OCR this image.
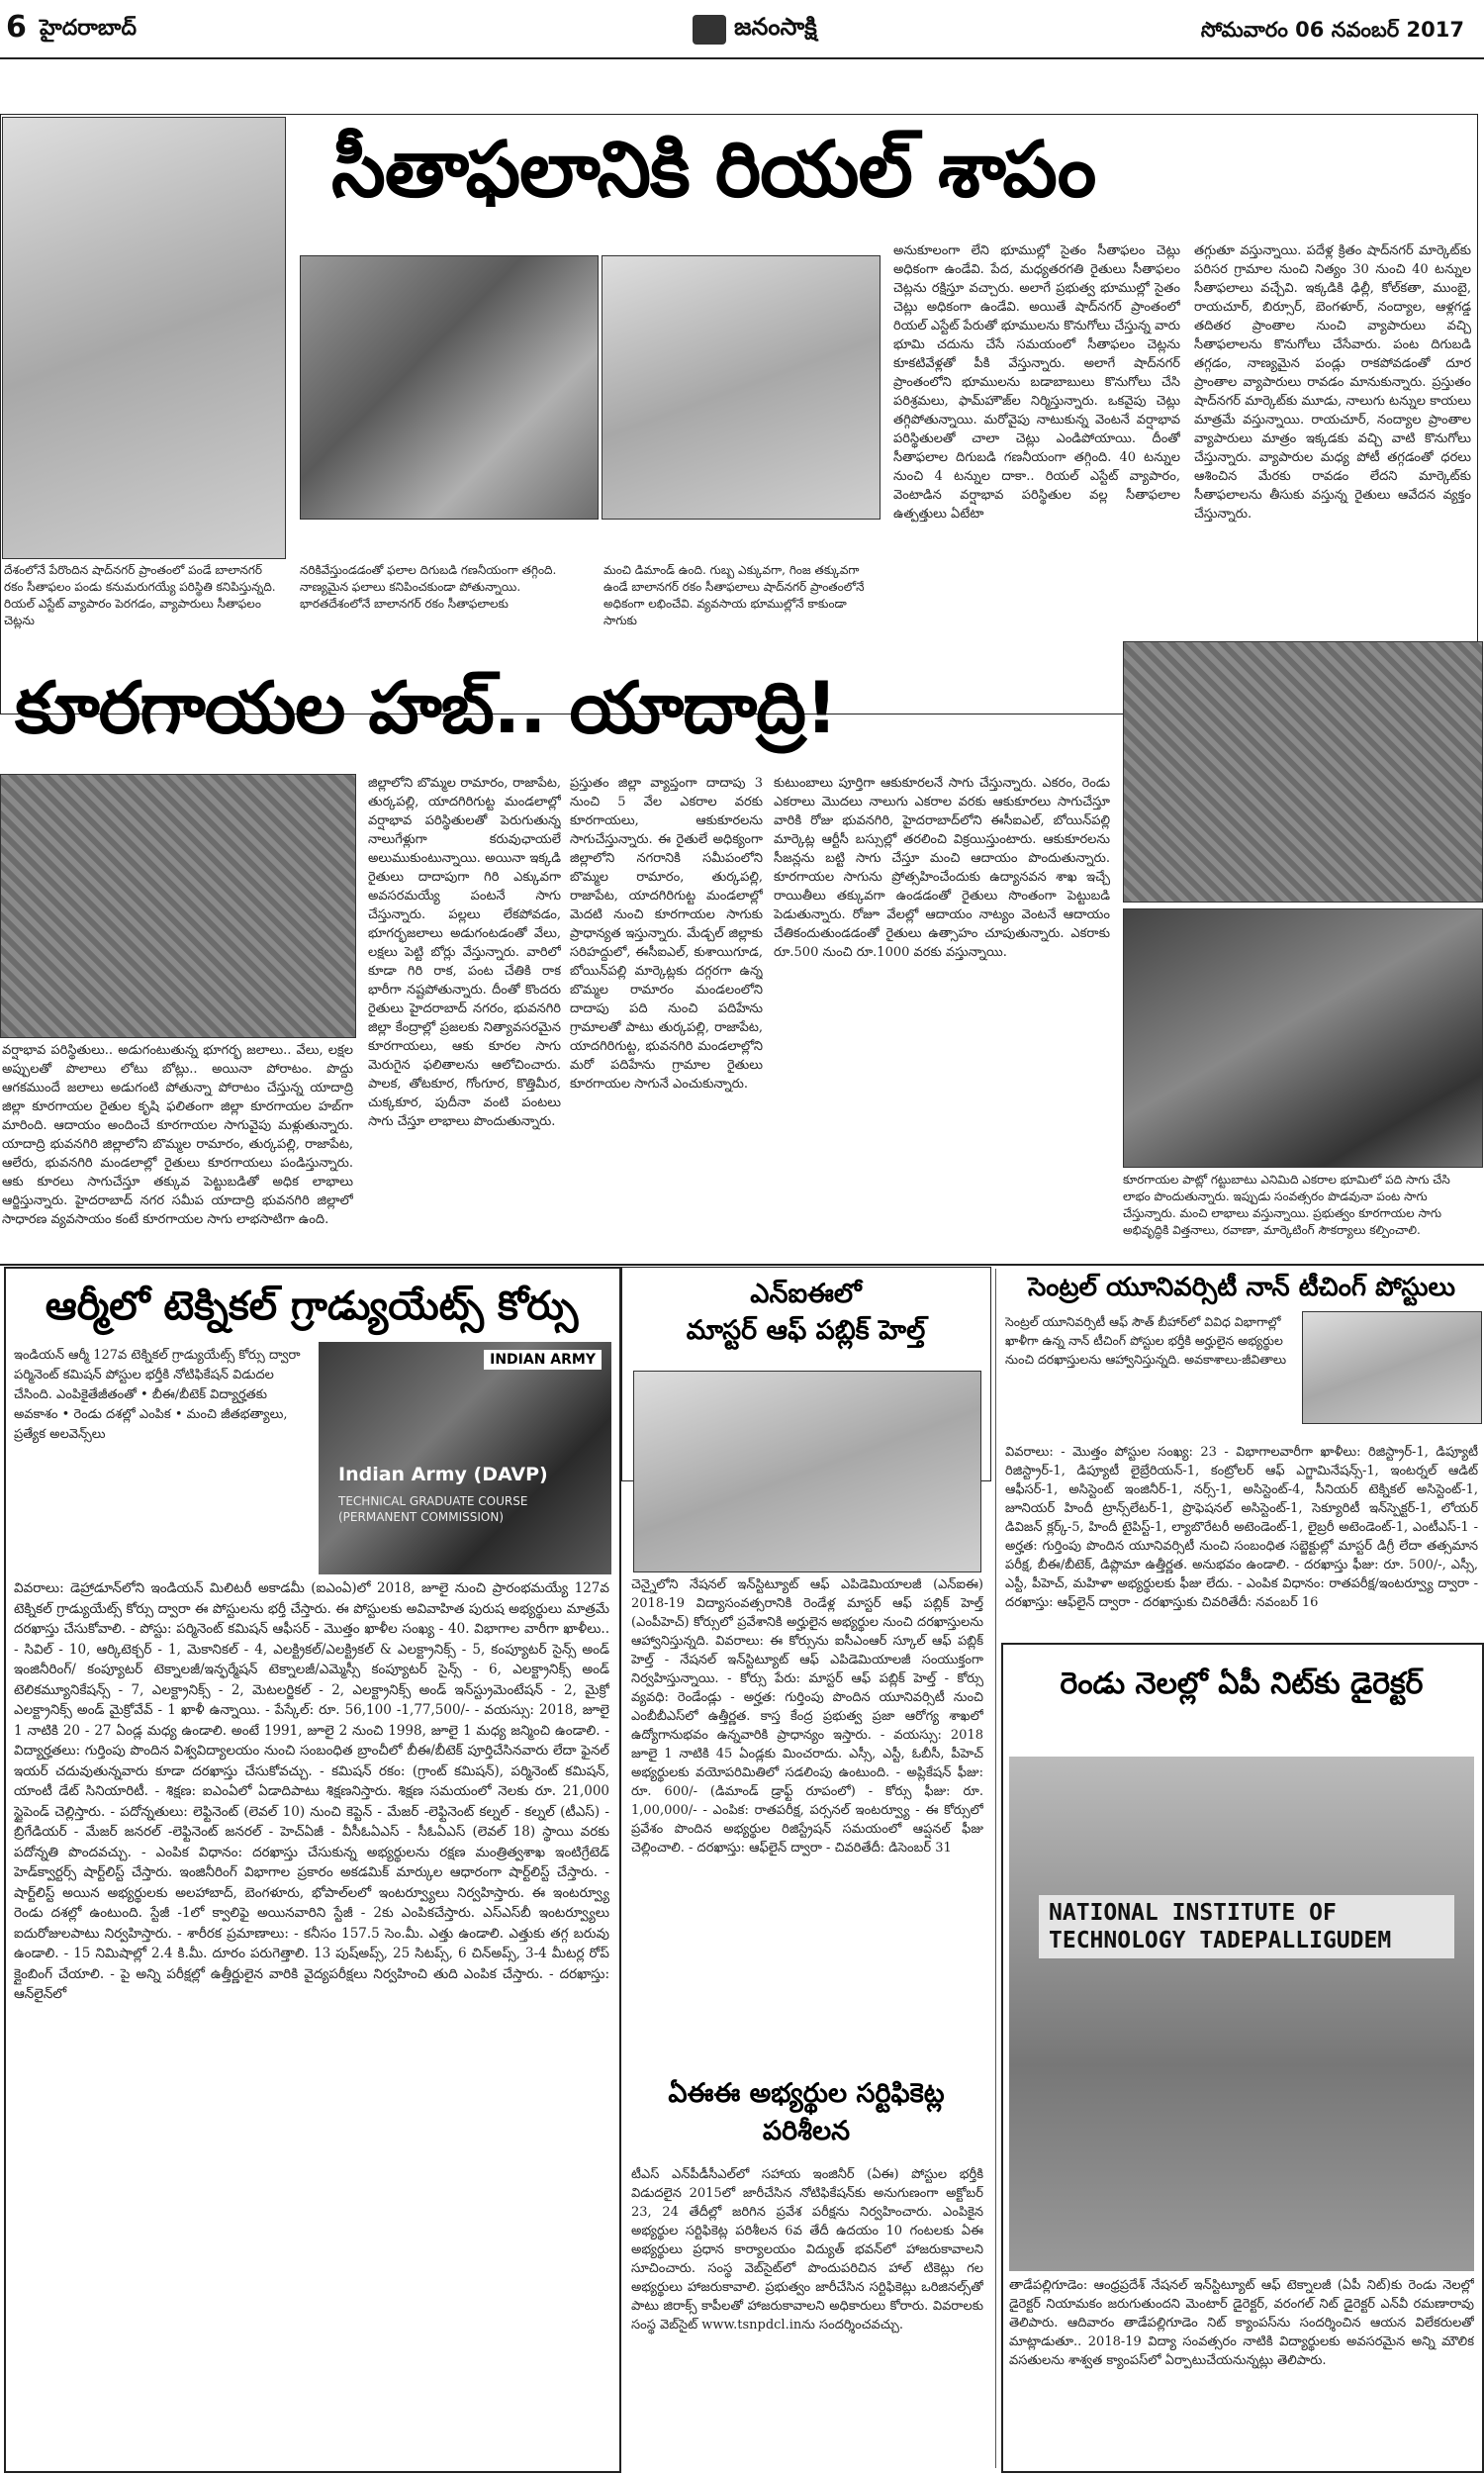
6 హైదరాబాద్	జనంసాక్షి	సోమవారం 06 నవంబర్ 2017
సీతాఫలానికి రియల్ శాపం
దేశంలోనే పేరొందిన షాద్‌నగర్ ప్రాంతంలో పండే బాలానగర్ రకం సీతాఫలం పండు కనుమరుగయ్యే పరిస్థితి కనిపిస్తున్నది. రియల్ ఎస్టేట్ వ్యాపారం పెరగడం, వ్యాపారులు సీతాఫలం చెట్లను
నరికివేస్తుండడంతో ఫలాల దిగుబడి గణనీయంగా తగ్గింది. నాణ్యమైన ఫలాలు కనిపించకుండా పోతున్నాయి. భారతదేశంలోనే బాలానగర్ రకం సీతాఫలాలకు
మంచి డిమాండ్ ఉంది. గుబ్బ ఎక్కువగా, గింజ తక్కువగా ఉండే బాలానగర్ రకం సీతాఫలాలు షాద్‌నగర్ ప్రాంతంలోనే అధికంగా లభించేవి. వ్యవసాయ భూముల్లోనే కాకుండా సాగుకు
అనుకూలంగా లేని భూముల్లో సైతం సీతాఫలం చెట్లు అధికంగా ఉండేవి. పేద, మధ్యతరగతి రైతులు సీతాఫలం చెట్లను రక్షిస్తూ వచ్చారు. అలాగే ప్రభుత్వ భూముల్లో సైతం చెట్లు అధికంగా ఉండేవి. అయితే షాద్‌నగర్ ప్రాంతంలో రియల్ ఎస్టేట్ పేరుతో భూములను కొనుగోలు చేస్తున్న వారు భూమి చదును చేసే సమయంలో సీతాఫలం చెట్లను కూకటివేళ్లతో పీకి వేస్తున్నారు. అలాగే షాద్‌నగర్ ప్రాంతంలోని భూములను బడాబాబులు కొనుగోలు చేసి పరిశ్రమలు, ఫామ్‌హౌజ్‌ల నిర్మిస్తున్నారు. ఒకవైపు చెట్లు తగ్గిపోతున్నాయి. మరోవైపు నాటుకున్న వెంటనే వర్షాభావ పరిస్థితులతో చాలా చెట్లు ఎండిపోయాయి. దీంతో సీతాఫలాల దిగుబడి గణనీయంగా తగ్గింది. 40 టన్నుల నుంచి 4 టన్నుల దాకా.. రియల్ ఎస్టేట్ వ్యాపారం, వెంటాడిన వర్షాభావ పరిస్థితుల వల్ల సీతాఫలాల ఉత్పత్తులు ఏటేటా
తగ్గుతూ వస్తున్నాయి. పదేళ్ల క్రితం షాద్‌నగర్ మార్కెట్‌కు పరిసర గ్రామాల నుంచి నిత్యం 30 నుంచి 40 టన్నుల సీతాఫలాలు వచ్చేవి. ఇక్కడికి ఢిల్లీ, కోల్‌కతా, ముంబై, రాయచూర్, బిర్సూర్, బెంగళూర్, నంద్యాల, ఆళ్లగడ్డ తదితర ప్రాంతాల నుంచి వ్యాపారులు వచ్చి సీతాఫలాలను కొనుగోలు చేసేవారు. పంట దిగుబడి తగ్గడం, నాణ్యమైన పండ్లు రాకపోవడంతో దూర ప్రాంతాల వ్యాపారులు రావడం మానుకున్నారు. ప్రస్తుతం షాద్‌నగర్ మార్కెట్‌కు మూడు, నాలుగు టన్నుల కాయలు మాత్రమే వస్తున్నాయి. రాయచూర్, నంద్యాల ప్రాంతాల వ్యాపారులు మాత్రం ఇక్కడకు వచ్చి వాటి కొనుగోలు చేస్తున్నారు. వ్యాపారుల మధ్య పోటీ తగ్గడంతో ధరలు ఆశించిన మేరకు రావడం లేదని మార్కెట్‌కు సీతాఫలాలను తీసుకు వస్తున్న రైతులు ఆవేదన వ్యక్తం చేస్తున్నారు.
కూరగాయల హబ్.. యాదాద్రి!
వర్షాభావ పరిస్థితులు.. అడుగంటుతున్న భూగర్భ జలాలు.. వేలు, లక్షల అప్పులతో పొలాలు లోటు బోట్లు.. అయినా పోరాటం. పొద్దు ఆగకముందే జలాలు అడుగంటి పోతున్నా పోరాటం చేస్తున్న యాదాద్రి జిల్లా కూరగాయల రైతుల కృషి ఫలితంగా జిల్లా కూరగాయల హబ్‌గా మారింది. ఆదాయం అందించే కూరగాయల సాగువైపు మళ్లుతున్నారు. యాదాద్రి భువనగిరి జిల్లాలోని బొమ్మల రామారం, తుర్కపల్లి, రాజాపేట, ఆలేరు, భువనగిరి మండలాల్లో రైతులు కూరగాయలు పండిస్తున్నారు. ఆకు కూరలు సాగుచేస్తూ తక్కువ పెట్టుబడితో అధిక లాభాలు ఆర్జిస్తున్నారు. హైదరాబాద్ నగర సమీప యాదాద్రి భువనగిరి జిల్లాలో సాధారణ వ్యవసాయం కంటే కూరగాయల సాగు లాభసాటిగా ఉంది.
జిల్లాలోని బొమ్మల రామారం, రాజాపేట, తుర్కపల్లి, యాదగిరిగుట్ట మండలాల్లో వర్షాభావ పరిస్థితులతో పెరుగుతున్న నాలుగేళ్లుగా కరువుఛాయలే అలుముకుంటున్నాయి. అయినా ఇక్కడి రైతులు దాదాపుగా గిరి ఎక్కువగా అవసరమయ్యే పంటనే సాగు చేస్తున్నారు. పల్లలు లేకపోవడం, భూగర్భజలాలు అడుగంటడంతో వేలు, లక్షలు పెట్టి బోర్లు వేస్తున్నారు. వారిలో కూడా గిరి రాక, పంట చేతికి రాక భారీగా నష్టపోతున్నారు. దీంతో కొందరు రైతులు హైదరాబాద్ నగరం, భువనగిరి జిల్లా కేంద్రాల్లో ప్రజలకు నిత్యావసరమైన కూరగాయలు, ఆకు కూరల సాగు మెరుగైన ఫలితాలను ఆలోచించారు. పాలక, తోటకూర, గోంగూర, కొత్తిమీర, చుక్కకూర, పుదీనా వంటి పంటలు సాగు చేస్తూ లాభాలు పొందుతున్నారు.
ప్రస్తుతం జిల్లా వ్యాప్తంగా దాదాపు 3 నుంచి 5 వేల ఎకరాల వరకు కూరగాయలు, ఆకుకూరలను సాగుచేస్తున్నారు. ఈ రైతులే అధిక్యంగా జిల్లాలోని నగరానికి సమీపంలోని బొమ్మల రామారం, తుర్కపల్లి, రాజాపేట, యాదగిరిగుట్ట మండలాల్లో మెదటి నుంచి కూరగాయల సాగుకు ప్రాధాన్యత ఇస్తున్నారు. మేడ్చల్ జిల్లాకు సరిహద్దులో, ఈసీఐఎల్, కుశాయిగూడ, బోయిన్‌పల్లి మార్కెట్లకు దగ్గరగా ఉన్న బొమ్మల రామారం మండలంలోని దాదాపు పది నుంచి పదిహేను గ్రామాలతో పాటు తుర్కపల్లి, రాజాపేట, యాదగిరిగుట్ట, భువనగిరి మండలాల్లోని మరో పదిహేను గ్రామాల రైతులు కూరగాయల సాగునే ఎంచుకున్నారు.
కుటుంబాలు పూర్తిగా ఆకుకూరలనే సాగు చేస్తున్నారు. ఎకరం, రెండు ఎకరాలు మొదలు నాలుగు ఎకరాల వరకు ఆకుకూరలు సాగుచేస్తూ వారికి రోజు భువనగిరి, హైదరాబాద్‌లోని ఈసీఐఎల్, బోయిన్‌పల్లి మార్కెట్ల ఆర్టీసీ బస్సుల్లో తరలించి విక్రయిస్తుంటారు. ఆకుకూరలను సీజన్లను బట్టి సాగు చేస్తూ మంచి ఆదాయం పొందుతున్నారు. కూరగాయల సాగును ప్రోత్సహించేందుకు ఉద్యానవన శాఖ ఇచ్చే రాయితీలు తక్కువగా ఉండడంతో రైతులు సొంతంగా పెట్టుబడి పెడుతున్నారు. రోజూ వేలల్లో ఆదాయం నాట్యం వెంటనే ఆదాయం చేతికందుతుండడంతో రైతులు ఉత్సాహం చూపుతున్నారు. ఎకరాకు రూ.500 నుంచి రూ.1000 వరకు వస్తున్నాయి.
కూరగాయల పాట్లో గట్టుబాటు ఎనిమిది ఎకరాల భూమిలో పది సాగు చేసి లాభం పొందుతున్నారు. ఇప్పుడు సంవత్సరం పొడవునా పంట సాగు చేస్తున్నారు. మంచి లాభాలు వస్తున్నాయి. ప్రభుత్వం కూరగాయల సాగు అభివృద్ధికి విత్తనాలు, రవాణా, మార్కెటింగ్ సౌకర్యాలు కల్పించాలి.
ఆర్మీలో టెక్నికల్ గ్రాడ్యుయేట్స్ కోర్సు
ఇండియన్ ఆర్మీ 127వ టెక్నికల్ గ్రాడ్యుయేట్స్ కోర్సు ద్వారా పర్మినెంట్ కమిషన్ పోస్టుల భర్తీకి నోటిఫికేషన్ విడుదల చేసింది. ఎంపికైతేజీతంతో • బీఈ/బీటెక్ విద్యార్హతకు అవకాశం • రెండు దశల్లో ఎంపిక • మంచి జీతభత్యాలు, ప్రత్యేక అలవెన్స్‌లు
INDIAN ARMY
Indian Army (DAVP)
TECHNICAL GRADUATE COURSE (PERMANENT COMMISSION)
వివరాలు: డెహ్రాడూన్‌లోని ఇండియన్ మిలిటరీ అకాడమీ (ఐఎంఏ)లో 2018, జూలై నుంచి ప్రారంభమయ్యే 127వ టెక్నికల్ గ్రాడ్యుయేట్స్ కోర్సు ద్వారా ఈ పోస్టులను భర్తీ చేస్తారు. ఈ పోస్టులకు అవివాహిత పురుష అభ్యర్థులు మాత్రమే దరఖాస్తు చేసుకోవాలి. - పోస్టు: పర్మినెంట్ కమిషన్ ఆఫీసర్ - మొత్తం ఖాళీల సంఖ్య - 40. విభాగాల వారీగా ఖాళీలు.. - సివిల్ - 10, ఆర్కిటెక్చర్ - 1, మెకానికల్ - 4, ఎలక్ట్రికల్/ఎలక్ట్రికల్ & ఎలక్ట్రానిక్స్ - 5, కంప్యూటర్ సైన్స్ అండ్ ఇంజినీరింగ్/ కంప్యూటర్ టెక్నాలజీ/ఇన్ఫర్మేషన్ టెక్నాలజీ/ఎమ్మెస్సీ కంప్యూటర్ సైన్స్ - 6, ఎలక్ట్రానిక్స్ అండ్ టెలికమ్యూనికేషన్స్ - 7, ఎలక్ట్రానిక్స్ - 2, మెటలర్జికల్ - 2, ఎలక్ట్రానిక్స్ అండ్ ఇన్‌స్ట్రుమెంటేషన్ - 2, మైక్రో ఎలక్ట్రానిక్స్ అండ్ మైక్రోవేవ్ - 1 ఖాళీ ఉన్నాయి. - పేస్కేల్: రూ. 56,100 -1,77,500/- - వయస్సు: 2018, జూలై 1 నాటికి 20 - 27 ఏండ్ల మధ్య ఉండాలి. అంటే 1991, జూలై 2 నుంచి 1998, జూలై 1 మధ్య జన్మించి ఉండాలి. - విద్యార్హతలు: గుర్తింపు పొందిన విశ్వవిద్యాలయం నుంచి సంబంధిత బ్రాంచీలో బీఈ/బీటెక్ పూర్తిచేసినవారు లేదా ఫైనల్ ఇయర్ చదువుతున్నవారు కూడా దరఖాస్తు చేసుకోవచ్చు. - కమిషన్ రకం: (గ్రాంట్ కమిషన్), పర్మినెంట్ కమిషన్, యాంటీ డేట్ సినియారిటీ. - శిక్షణ: ఐఎంఏలో ఏడాదిపాటు శిక్షణనిస్తారు. శిక్షణ సమయంలో నెలకు రూ. 21,000 స్టైపెండ్ చెల్లిస్తారు. - పదోన్నతులు: లెఫ్టినెంట్ (లెవల్ 10) నుంచి కెప్టెన్ - మేజర్ -లెఫ్టినెంట్ కల్నల్ - కల్నల్ (టీఎస్) - బ్రిగేడియర్ - మేజర్ జనరల్ -లెఫ్టినెంట్ జనరల్ - హెచ్‌ఏజీ - వీసీఓఏఎస్ - సీఓఏఎస్ (లెవల్ 18) స్థాయి వరకు పదోన్నతి పొందవచ్చు. - ఎంపిక విధానం: దరఖాస్తు చేసుకున్న అభ్యర్థులను రక్షణ మంత్రిత్వశాఖ ఇంటిగ్రేటెడ్ హెడ్‌క్వార్టర్స్ షార్ట్‌లిస్ట్ చేస్తారు. ఇంజినీరింగ్ విభాగాల ప్రకారం అకడమిక్ మార్కుల ఆధారంగా షార్ట్‌లిస్ట్ చేస్తారు. - షార్ట్‌లిస్ట్ అయిన అభ్యర్థులకు అలహాబాద్, బెంగళూరు, భోపాల్‌లలో ఇంటర్వ్యూలు నిర్వహిస్తారు. ఈ ఇంటర్వ్యూ రెండు దశల్లో ఉంటుంది. స్టేజీ -1లో క్వాలిఫై అయినవారిని స్టేజీ - 2కు ఎంపికచేస్తారు. ఎస్‌ఎస్‌బీ ఇంటర్వ్యూలు ఐదురోజులపాటు నిర్వహిస్తారు. - శారీరక ప్రమాణాలు: - కనీసం 157.5 సెం.మీ. ఎత్తు ఉండాలి. ఎత్తుకు తగ్గ బరువు ఉండాలి. - 15 నిమిషాల్లో 2.4 కి.మీ. దూరం పరుగెత్తాలి. 13 పుష్‌అప్స్, 25 సిటప్స్, 6 చిన్‌అప్స్, 3-4 మీటర్ల రోప్ క్లైంబింగ్ చేయాలి. - పై అన్ని పరీక్షల్లో ఉత్తీర్ణులైన వారికి వైద్యపరీక్షలు నిర్వహించి తుది ఎంపిక చేస్తారు. - దరఖాస్తు: ఆన్‌లైన్‌లో
ఎన్ఐఈలో
మాస్టర్ ఆఫ్ పబ్లిక్ హెల్త్
చెన్నైలోని నేషనల్ ఇన్‌స్టిట్యూట్ ఆఫ్ ఎపిడెమియాలజీ (ఎన్ఐఈ) 2018-19 విద్యాసంవత్సరానికి రెండేళ్ల మాస్టర్ ఆఫ్ పబ్లిక్ హెల్త్ (ఎంపీహెచ్) కోర్సులో ప్రవేశానికి అర్హులైన అభ్యర్థుల నుంచి దరఖాస్తులను ఆహ్వానిస్తున్నది. వివరాలు: ఈ కోర్సును ఐసీఎంఆర్ స్కూల్ ఆఫ్ పబ్లిక్ హెల్త్ - నేషనల్ ఇన్‌స్టిట్యూట్ ఆఫ్ ఎపిడెమియాలజీ సంయుక్తంగా నిర్వహిస్తున్నాయి. - కోర్సు పేరు: మాస్టర్ ఆఫ్ పబ్లిక్ హెల్త్ - కోర్సు వ్యవధి: రెండేండ్లు - అర్హత: గుర్తింపు పొందిన యూనివర్సిటీ నుంచి ఎంబీబీఎస్‌లో ఉత్తీర్ణత. కాస్త కేంద్ర ప్రభుత్వ ప్రజా ఆరోగ్య శాఖలో ఉద్యోగానుభవం ఉన్నవారికి ప్రాధాన్యం ఇస్తారు. - వయస్సు: 2018 జూలై 1 నాటికి 45 ఏండ్లకు మించరాదు. ఎస్సీ, ఎస్టీ, ఓబీసీ, పీహెచ్ అభ్యర్థులకు వయోపరిమితిలో సడలింపు ఉంటుంది. - అప్లికేషన్ ఫీజు: రూ. 600/- (డిమాండ్ డ్రాఫ్ట్ రూపంలో) - కోర్సు ఫీజు: రూ. 1,00,000/- - ఎంపిక: రాతపరీక్ష, పర్సనల్ ఇంటర్వ్యూ - ఈ కోర్సులో ప్రవేశం పొందిన అభ్యర్థుల రిజిస్ట్రేషన్ సమయంలో ఆప్షనల్ ఫీజు చెల్లించాలి. - దరఖాస్తు: ఆఫ్‌లైన్ ద్వారా - చివరితేదీ: డిసెంబర్ 31
ఏఈఈ అభ్యర్థుల సర్టిఫికెట్ల
పరిశీలన
టీఎస్ ఎన్‌పీడీసీఎల్‌లో సహాయ ఇంజినీర్ (ఏఈ) పోస్టుల భర్తీకి విడుదలైన 2015లో జారీచేసిన నోటిఫికేషన్‌కు అనుగుణంగా అక్టోబర్ 23, 24 తేదీల్లో జరిగిన ప్రవేశ పరీక్షను నిర్వహించారు. ఎంపికైన అభ్యర్థుల సర్టిఫికెట్ల పరిశీలన 6వ తేదీ ఉదయం 10 గంటలకు ఏఈ అభ్యర్థులు ప్రధాన కార్యాలయం విద్యుత్ భవన్‌లో హాజరుకావాలని సూచించారు. సంస్థ వెబ్‌సైట్‌లో పొందుపరిచిన హాల్ టికెట్లు గల అభ్యర్థులు హాజరుకావాలి. ప్రభుత్వం జారీచేసిన సర్టిఫికెట్లు ఒరిజినల్స్‌తో పాటు జిరాక్స్ కాపీలతో హాజరుకావాలని అధికారులు కోరారు. వివరాలకు సంస్థ వెబ్‌సైట్ www.tsnpdcl.inను సందర్శించవచ్చు.
సెంట్రల్ యూనివర్సిటీ నాన్ టీచింగ్ పోస్టులు
సెంట్రల్ యూనివర్సిటీ ఆఫ్ సౌత్ బీహార్‌లో వివిధ విభాగాల్లో ఖాళీగా ఉన్న నాన్ టీచింగ్ పోస్టుల భర్తీకి అర్హులైన అభ్యర్థుల నుంచి దరఖాస్తులను ఆహ్వానిస్తున్నది. అవకాశాలు-జీవితాలు
వివరాలు: - మొత్తం పోస్టుల సంఖ్య: 23 - విభాగాలవారీగా ఖాళీలు: రిజిస్ట్రార్-1, డిప్యూటీ రిజిస్ట్రార్-1, డిప్యూటీ లైబ్రేరియన్-1, కంట్రోలర్ ఆఫ్ ఎగ్జామినేషన్స్-1, ఇంటర్నల్ ఆడిట్ ఆఫీసర్-1, అసిస్టెంట్ ఇంజినీర్-1, నర్స్-1, అసిస్టెంట్-4, సీనియర్ టెక్నికల్ అసిస్టెంట్-1, జూనియర్ హిందీ ట్రాన్స్‌లేటర్-1, ప్రొఫెషనల్ అసిస్టెంట్-1, సెక్యూరిటీ ఇన్‌స్పెక్టర్-1, లోయర్ డివిజన్ క్లర్క్-5, హిందీ టైపిస్ట్-1, ల్యాబొరేటరీ అటెండెంట్-1, లైబ్రరీ అటెండెంట్-1, ఎంటీఎస్-1 - అర్హత: గుర్తింపు పొందిన యూనివర్సిటీ నుంచి సంబంధిత సబ్జెక్టుల్లో మాస్టర్ డిగ్రీ లేదా తత్సమాన పరీక్ష, బీఈ/బీటెక్, డిప్లొమా ఉత్తీర్ణత. అనుభవం ఉండాలి. - దరఖాస్తు ఫీజు: రూ. 500/-, ఎస్సీ, ఎస్టీ, పీహెచ్, మహిళా అభ్యర్థులకు ఫీజు లేదు. - ఎంపిక విధానం: రాతపరీక్ష/ఇంటర్వ్యూ ద్వారా - దరఖాస్తు: ఆఫ్‌లైన్ ద్వారా - దరఖాస్తుకు చివరితేదీ: నవంబర్ 16
రెండు నెలల్లో ఏపీ నిట్‌కు డైరెక్టర్
NATIONAL INSTITUTE OF TECHNOLOGY TADEPALLIGUDEM
తాడేపల్లిగూడెం: ఆంధ్రప్రదేశ్ నేషనల్ ఇన్‌స్టిట్యూట్ ఆఫ్ టెక్నాలజీ (ఏపీ నిట్)కు రెండు నెలల్లో డైరెక్టర్ నియామకం జరుగుతుందని మెంటార్ డైరెక్టర్, వరంగల్ నిట్ డైరెక్టర్ ఎన్‌వీ రమణారావు తెలిపారు. ఆదివారం తాడేపల్లిగూడెం నిట్ క్యాంపస్‌ను సందర్శించిన ఆయన విలేకరులతో మాట్లాడుతూ.. 2018-19 విద్యా సంవత్సరం నాటికి విద్యార్థులకు అవసరమైన అన్ని మౌలిక వసతులను శాశ్వత క్యాంపస్‌లో ఏర్పాటుచేయనున్నట్లు తెలిపారు.
